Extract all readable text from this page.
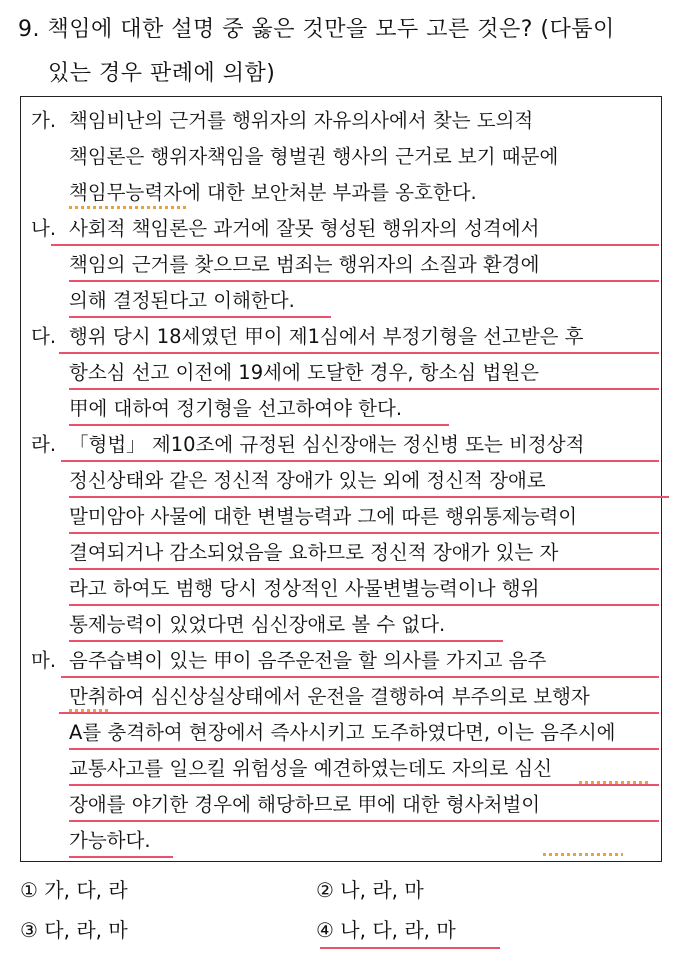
9. 책임에 대한 설명 중 옳은 것만을 모두 고른 것은? (다툼이
있는 경우 판례에 의함)
가. 책임비난의 근거를 행위자의 자유의사에서 찾는 도의적
책임론은 행위자책임을 형벌권 행사의 근거로 보기 때문에
책임무능력자에 대한 보안처분 부과를 옹호한다.
나. 사회적 책임론은 과거에 잘못 형성된 행위자의 성격에서
책임의 근거를 찾으므로 범죄는 행위자의 소질과 환경에
의해 결정된다고 이해한다.
다. 행위 당시 18세였던 甲이 제1심에서 부정기형을 선고받은 후
항소심 선고 이전에 19세에 도달한 경우, 항소심 법원은
甲에 대하여 정기형을 선고하여야 한다.
라. 「형법」 제10조에 규정된 심신장애는 정신병 또는 비정상적
정신상태와 같은 정신적 장애가 있는 외에 정신적 장애로
말미암아 사물에 대한 변별능력과 그에 따른 행위통제능력이
결여되거나 감소되었음을 요하므로 정신적 장애가 있는 자
라고 하여도 범행 당시 정상적인 사물변별능력이나 행위
통제능력이 있었다면 심신장애로 볼 수 없다.
마. 음주습벽이 있는 甲이 음주운전을 할 의사를 가지고 음주
만취하여 심신상실상태에서 운전을 결행하여 부주의로 보행자
A를 충격하여 현장에서 즉사시키고 도주하였다면, 이는 음주시에
교통사고를 일으킬 위험성을 예견하였는데도 자의로 심신
장애를 야기한 경우에 해당하므로 甲에 대한 형사처벌이
가능하다.
① 가, 다, 라	② 나, 라, 마
③ 다, 라, 마	④ 나, 다, 라, 마
